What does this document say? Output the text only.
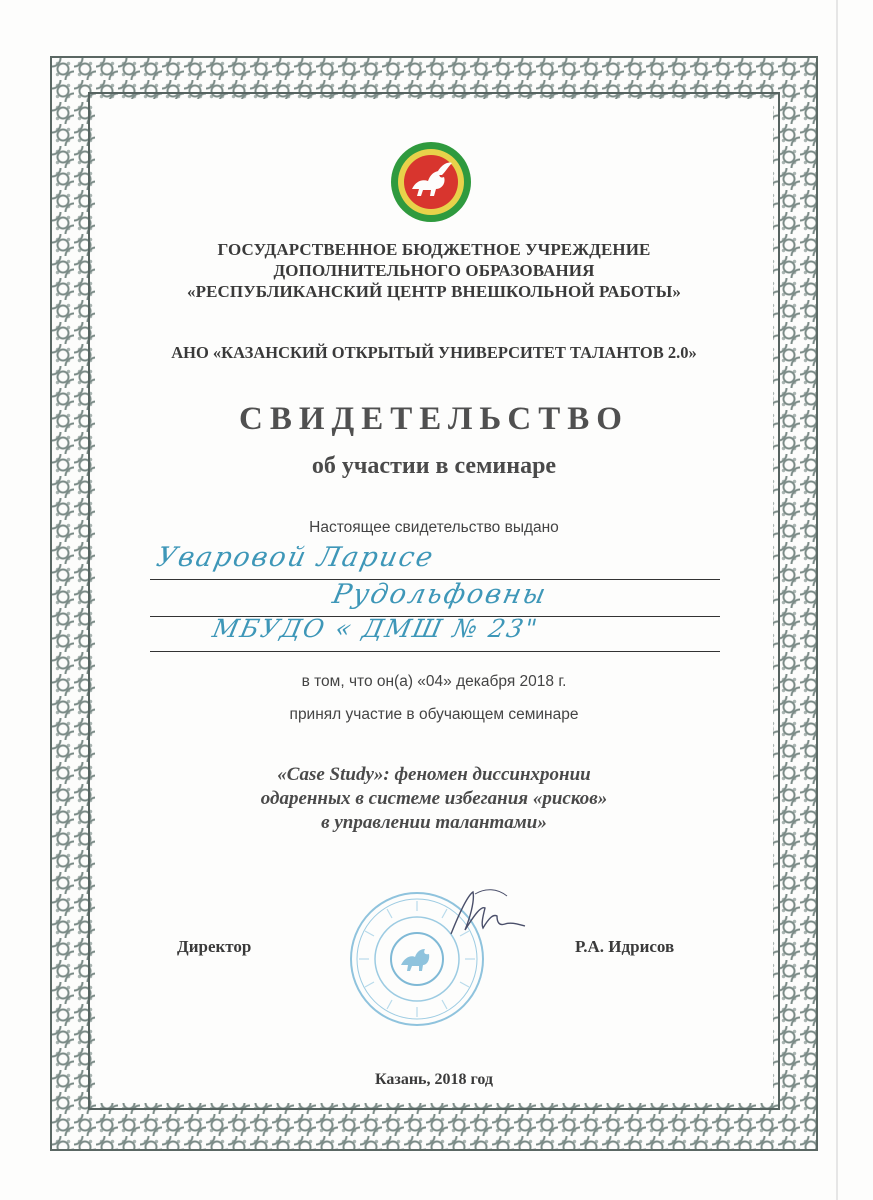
ГОСУДАРСТВЕННОЕ БЮДЖЕТНОЕ УЧРЕЖДЕНИЕ
ДОПОЛНИТЕЛЬНОГО ОБРАЗОВАНИЯ
«РЕСПУБЛИКАНСКИЙ ЦЕНТР ВНЕШКОЛЬНОЙ РАБОТЫ»
АНО «КАЗАНСКИЙ ОТКРЫТЫЙ УНИВЕРСИТЕТ ТАЛАНТОВ 2.0»
СВИДЕТЕЛЬСТВО
об участии в семинаре
Настоящее свидетельство выдано
Уваровой Ларисе
Рудольфовны
МБУДО « ДМШ № 23"
в том, что он(а) «04» декабря 2018 г.
принял участие в обучающем семинаре
«Case Study»: феномен диссинхронии
одаренных в системе избегания «рисков»
в управлении талантами»
Директор	Р.А. Идрисов
Казань, 2018 год
